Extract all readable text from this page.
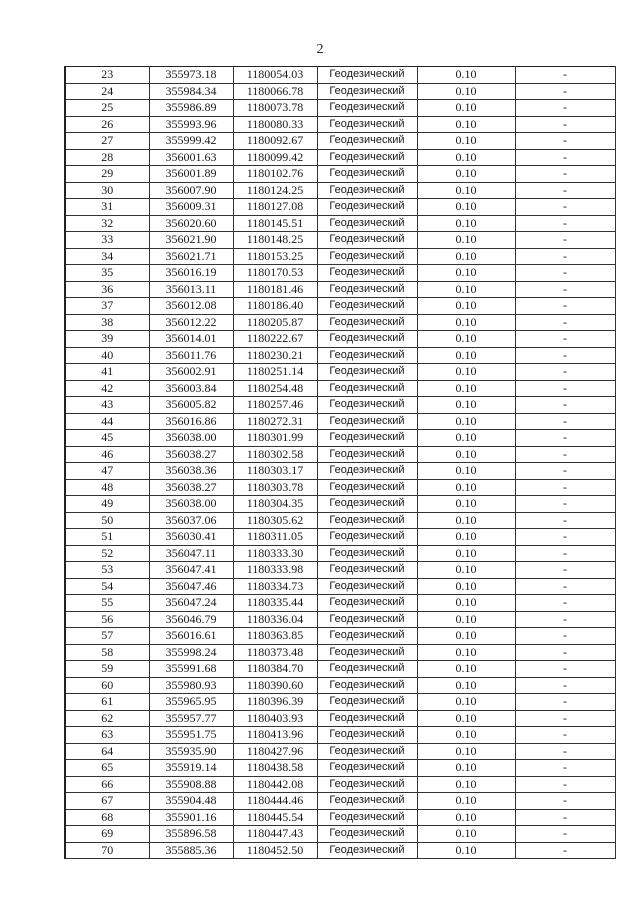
2
23	355973.18	1180054.03	Геодезический	0.10	-
24	355984.34	1180066.78	Геодезический	0.10	-
25	355986.89	1180073.78	Геодезический	0.10	-
26	355993.96	1180080.33	Геодезический	0.10	-
27	355999.42	1180092.67	Геодезический	0.10	-
28	356001.63	1180099.42	Геодезический	0.10	-
29	356001.89	1180102.76	Геодезический	0.10	-
30	356007.90	1180124.25	Геодезический	0.10	-
31	356009.31	1180127.08	Геодезический	0.10	-
32	356020.60	1180145.51	Геодезический	0.10	-
33	356021.90	1180148.25	Геодезический	0.10	-
34	356021.71	1180153.25	Геодезический	0.10	-
35	356016.19	1180170.53	Геодезический	0.10	-
36	356013.11	1180181.46	Геодезический	0.10	-
37	356012.08	1180186.40	Геодезический	0.10	-
38	356012.22	1180205.87	Геодезический	0.10	-
39	356014.01	1180222.67	Геодезический	0.10	-
40	356011.76	1180230.21	Геодезический	0.10	-
41	356002.91	1180251.14	Геодезический	0.10	-
42	356003.84	1180254.48	Геодезический	0.10	-
43	356005.82	1180257.46	Геодезический	0.10	-
44	356016.86	1180272.31	Геодезический	0.10	-
45	356038.00	1180301.99	Геодезический	0.10	-
46	356038.27	1180302.58	Геодезический	0.10	-
47	356038.36	1180303.17	Геодезический	0.10	-
48	356038.27	1180303.78	Геодезический	0.10	-
49	356038.00	1180304.35	Геодезический	0.10	-
50	356037.06	1180305.62	Геодезический	0.10	-
51	356030.41	1180311.05	Геодезический	0.10	-
52	356047.11	1180333.30	Геодезический	0.10	-
53	356047.41	1180333.98	Геодезический	0.10	-
54	356047.46	1180334.73	Геодезический	0.10	-
55	356047.24	1180335.44	Геодезический	0.10	-
56	356046.79	1180336.04	Геодезический	0.10	-
57	356016.61	1180363.85	Геодезический	0.10	-
58	355998.24	1180373.48	Геодезический	0.10	-
59	355991.68	1180384.70	Геодезический	0.10	-
60	355980.93	1180390.60	Геодезический	0.10	-
61	355965.95	1180396.39	Геодезический	0.10	-
62	355957.77	1180403.93	Геодезический	0.10	-
63	355951.75	1180413.96	Геодезический	0.10	-
64	355935.90	1180427.96	Геодезический	0.10	-
65	355919.14	1180438.58	Геодезический	0.10	-
66	355908.88	1180442.08	Геодезический	0.10	-
67	355904.48	1180444.46	Геодезический	0.10	-
68	355901.16	1180445.54	Геодезический	0.10	-
69	355896.58	1180447.43	Геодезический	0.10	-
70	355885.36	1180452.50	Геодезический	0.10	-
